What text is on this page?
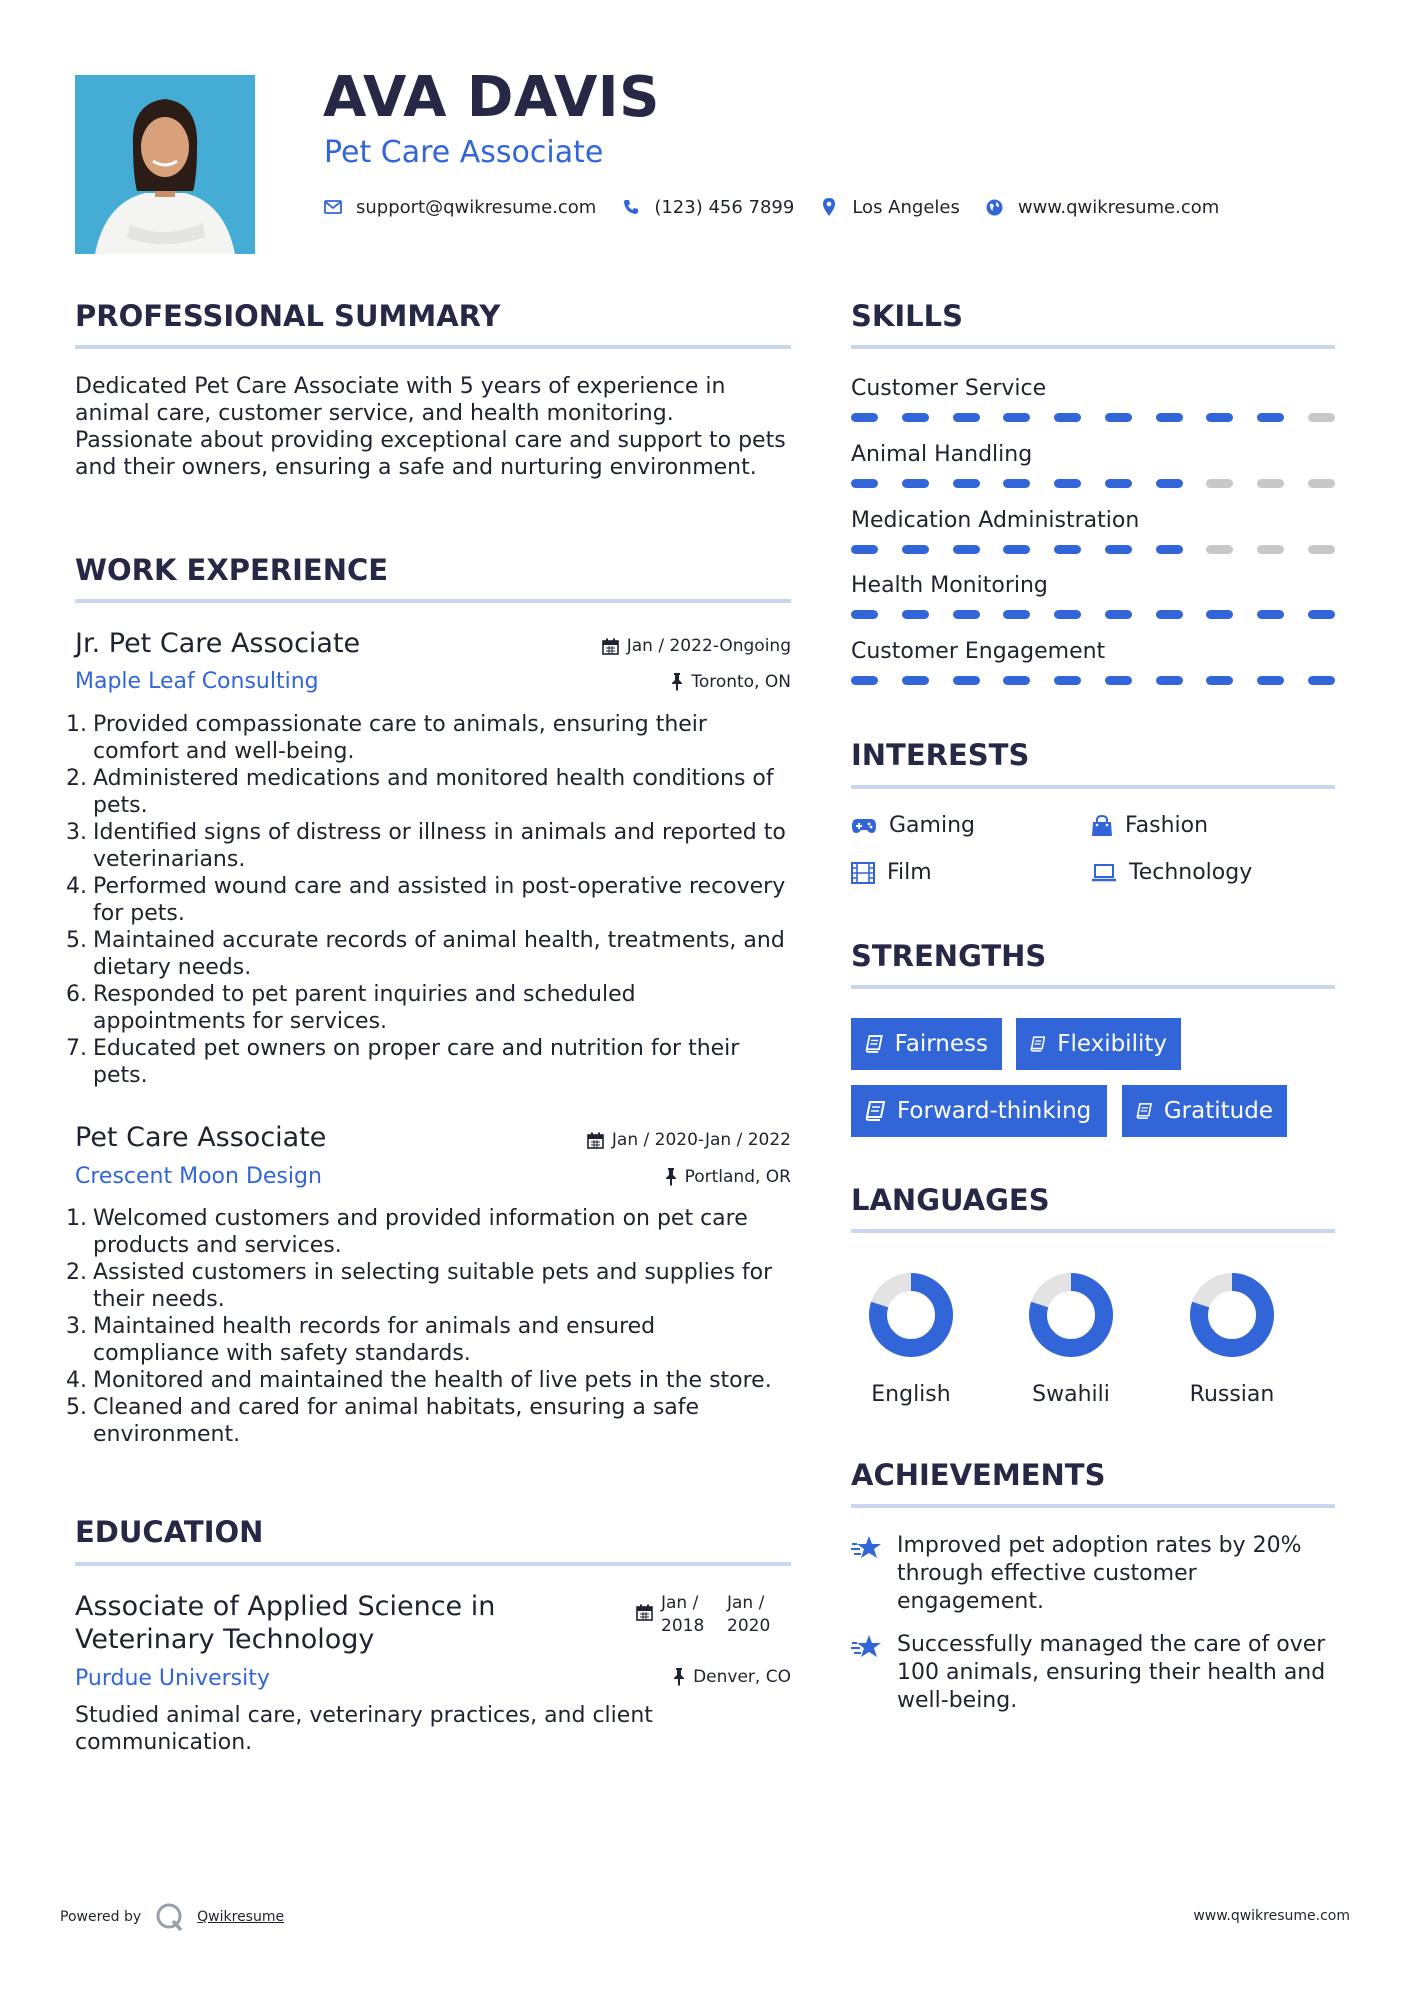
AVA DAVIS
Pet Care Associate
support@qwikresume.com	(123) 456 7899	Los Angeles	www.qwikresume.com
PROFESSIONAL SUMMARY

Dedicated Pet Care Associate with 5 years of experience in animal care, customer service, and health monitoring. Passionate about providing exceptional care and support to pets and their owners, ensuring a safe and nurturing environment.

WORK EXPERIENCE
Jr. Pet Care Associate	Jan / 2022-Ongoing
Maple Leaf Consulting	Toronto, ON
1. Provided compassionate care to animals, ensuring their comfort and well-being.
2. Administered medications and monitored health conditions of pets.
3. Identified signs of distress or illness in animals and reported to veterinarians.
4. Performed wound care and assisted in post-operative recovery for pets.
5. Maintained accurate records of animal health, treatments, and dietary needs.
6. Responded to pet parent inquiries and scheduled appointments for services.
7. Educated pet owners on proper care and nutrition for their pets.
Pet Care Associate	Jan / 2020-Jan / 2022
Crescent Moon Design	Portland, OR
1. Welcomed customers and provided information on pet care products and services.
2. Assisted customers in selecting suitable pets and supplies for their needs.
3. Maintained health records for animals and ensured compliance with safety standards.
4. Monitored and maintained the health of live pets in the store.
5. Cleaned and cared for animal habitats, ensuring a safe environment.
EDUCATION
Associate of Applied Science in Veterinary Technology
Jan / 2018
Jan / 2020
Purdue University	Denver, CO

Studied animal care, veterinary practices, and client communication.

SKILLS
Customer Service
Animal Handling
Medication Administration
Health Monitoring
Customer Engagement
INTERESTS
Gaming	Fashion
Film	Technology
STRENGTHS
Fairness	Flexibility
Forward-thinking	Gratitude
LANGUAGES
English	Swahili	Russian
ACHIEVEMENTS
Improved pet adoption rates by 20% through effective customer engagement.
Successfully managed the care of over 100 animals, ensuring their health and well-being.
Powered by	Qwikresume	www.qwikresume.com
